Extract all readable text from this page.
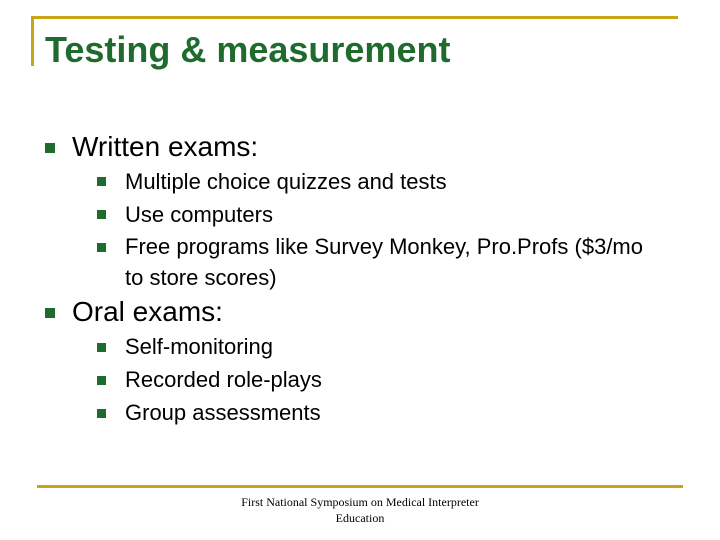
Testing & measurement
Written exams:
Multiple choice quizzes and tests
Use computers
Free programs like Survey Monkey, Pro.Profs ($3/mo to store scores)
Oral exams:
Self-monitoring
Recorded role-plays
Group assessments
First National Symposium on Medical Interpreter Education
